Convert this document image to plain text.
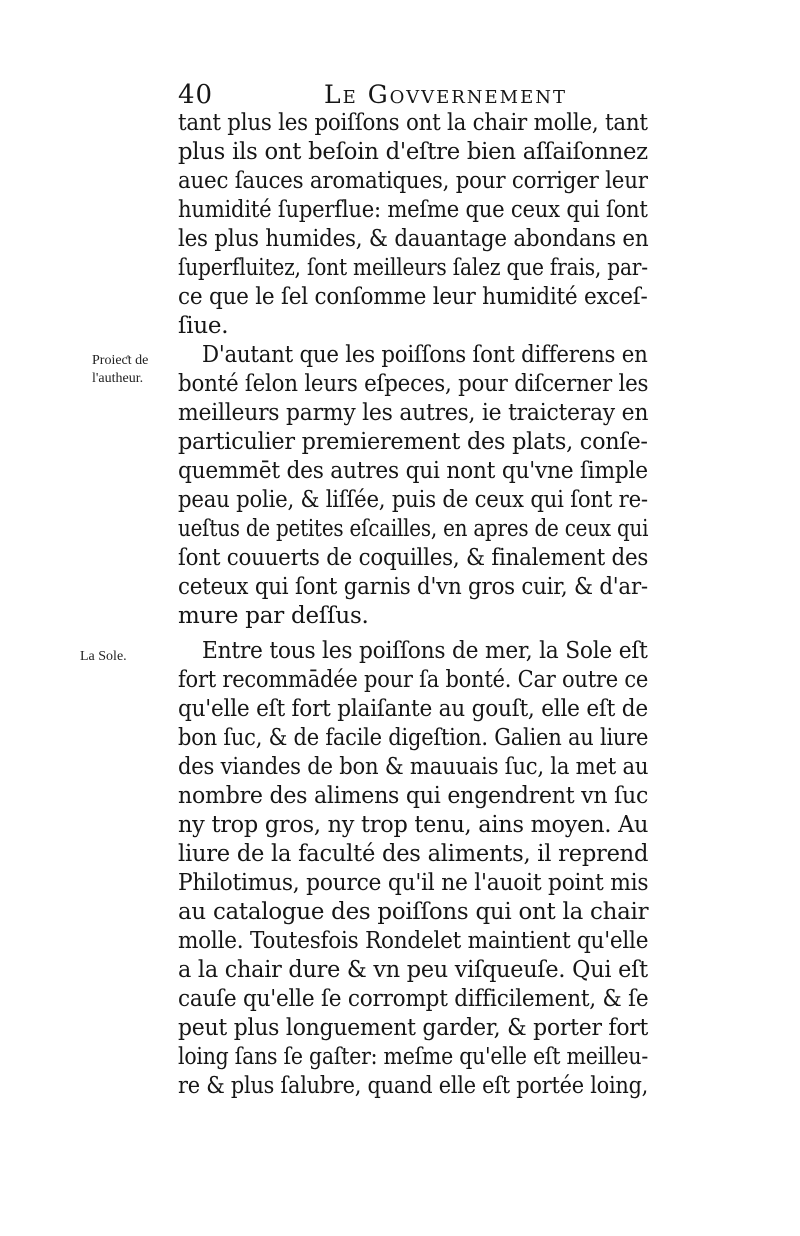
40	Le Govvernement
Proieƈt de
l'autheur.
La Sole.
tant plus les poiſſons ont la chair molle, tant
plus ils ont beſoin d'eſtre bien aſſaiſonnez
auec ſauces aromatiques, pour corriger leur
humidité ſuperflue: meſme que ceux qui ſont
les plus humides, & dauantage abondans en
ſuperfluitez, ſont meilleurs ſalez que frais, par-
ce que le ſel conſomme leur humidité exceſ-
ſiue.
D'autant que les poiſſons ſont differens en
bonté ſelon leurs eſpeces, pour diſcerner les
meilleurs parmy les autres, ie traicteray en
particulier premierement des plats, conſe-
quemmēt des autres qui nont qu'vne ſimple
peau polie, & liſſée, puis de ceux qui ſont re-
ueſtus de petites eſcailles, en apres de ceux qui
ſont couuerts de coquilles, & finalement des
ceteux qui ſont garnis d'vn gros cuir, & d'ar-
mure par deſſus.
Entre tous les poiſſons de mer, la Sole eſt
fort recommādée pour ſa bonté. Car outre ce
qu'elle eſt fort plaiſante au gouſt, elle eſt de
bon ſuc, & de facile digeſtion. Galien au liure
des viandes de bon & mauuais ſuc, la met au
nombre des alimens qui engendrent vn ſuc
ny trop gros, ny trop tenu, ains moyen. Au
liure de la faculté des aliments, il reprend
Philotimus, pource qu'il ne l'auoit point mis
au catalogue des poiſſons qui ont la chair
molle. Toutesfois Rondelet maintient qu'elle
a la chair dure & vn peu viſqueuſe. Qui eſt
cauſe qu'elle ſe corrompt difficilement, & ſe
peut plus longuement garder, & porter fort
loing ſans ſe gaſter: meſme qu'elle eſt meilleu-
re & plus ſalubre, quand elle eſt portée loing,
